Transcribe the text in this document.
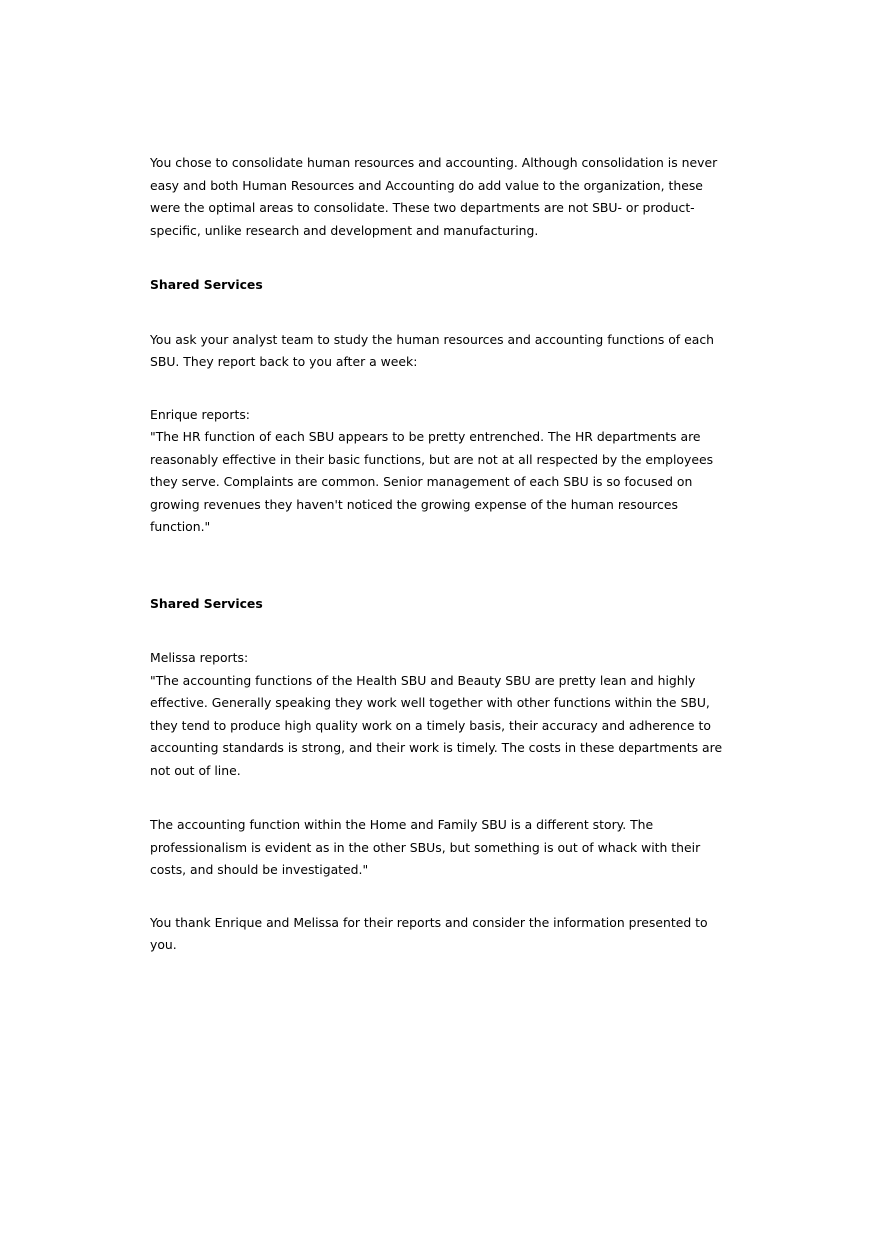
You chose to consolidate human resources and accounting. Although consolidation is never easy and both Human Resources and Accounting do add value to the organization, these were the optimal areas to consolidate. These two departments are not SBU- or product-specific, unlike research and development and manufacturing.

Shared Services

You ask your analyst team to study the human resources and accounting functions of each SBU. They report back to you after a week:

Enrique reports:

"The HR function of each SBU appears to be pretty entrenched. The HR departments are reasonably effective in their basic functions, but are not at all respected by the employees they serve. Complaints are common. Senior management of each SBU is so focused on growing revenues they haven't noticed the growing expense of the human resources function."

Shared Services

Melissa reports:

"The accounting functions of the Health SBU and Beauty SBU are pretty lean and highly effective. Generally speaking they work well together with other functions within the SBU, they tend to produce high quality work on a timely basis, their accuracy and adherence to accounting standards is strong, and their work is timely. The costs in these departments are not out of line.

The accounting function within the Home and Family SBU is a different story. The professionalism is evident as in the other SBUs, but something is out of whack with their costs, and should be investigated."

You thank Enrique and Melissa for their reports and consider the information presented to you.
